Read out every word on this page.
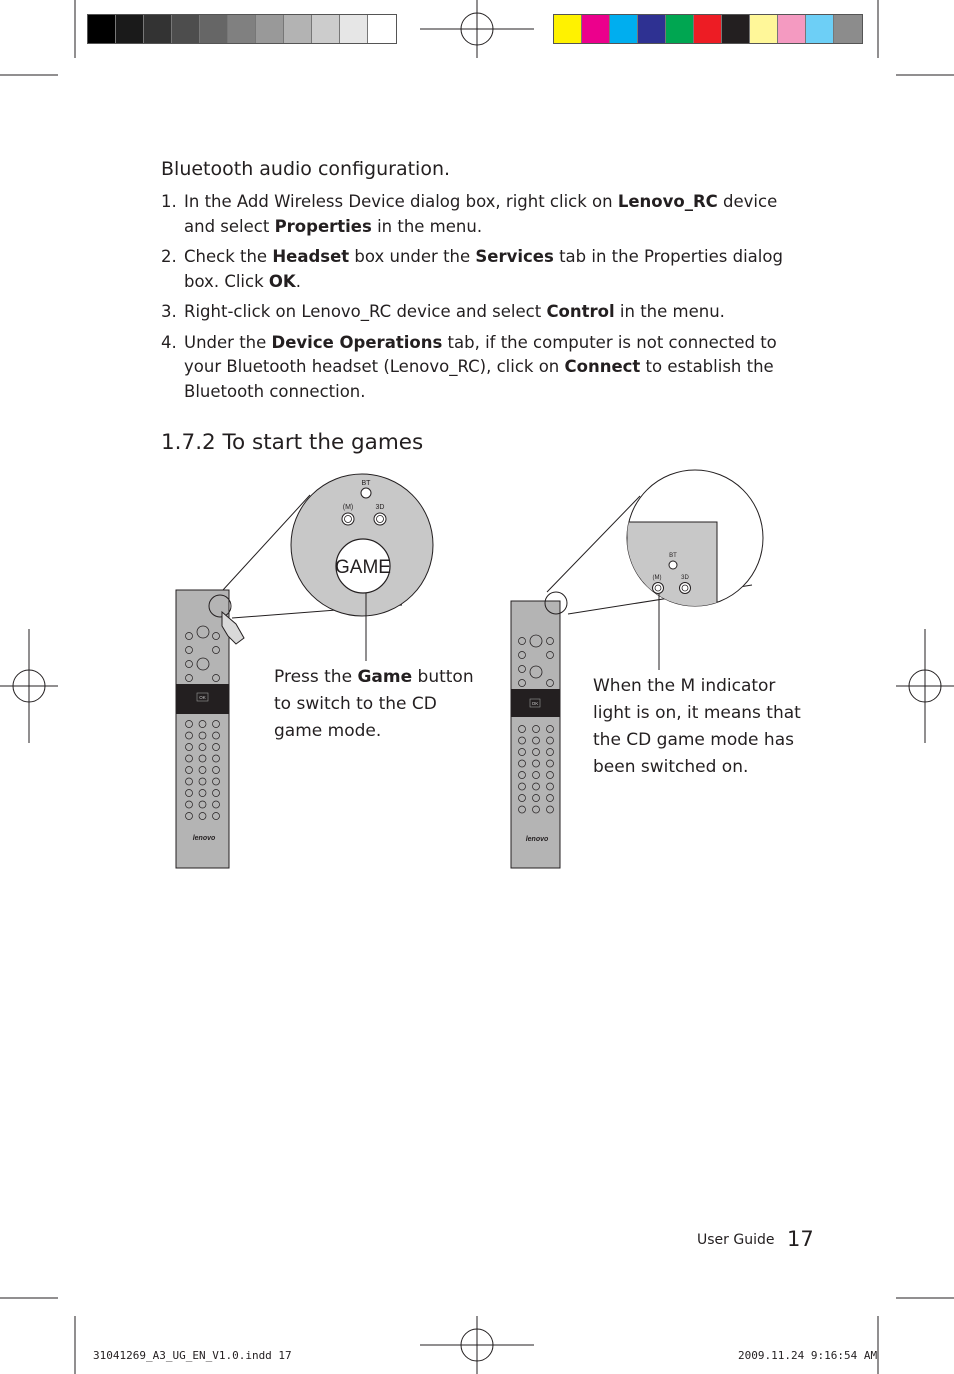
Bluetooth audio configuration.
1. In the Add Wireless Device dialog box, right click on Lenovo_RC device and select Properties in the menu.
2. Check the Headset box under the Services tab in the Properties dialog box. Click OK.
3. Right-click on Lenovo_RC device and select Control in the menu.
4. Under the Device Operations tab, if the computer is not connected to your Bluetooth headset (Lenovo_RC), click on Connect to establish the Bluetooth connection.
1.7.2 To start the games
BT
(M)	3D
GAME
OK
lenovo
BT
(M)	3D
OK
lenovo
Press the Game button to switch to the CD game mode.
When the M indicator light is on, it means that the CD game mode has been switched on.
User Guide 17
31041269_A3_UG_EN_V1.0.indd 17	2009.11.24 9:16:54 AM
